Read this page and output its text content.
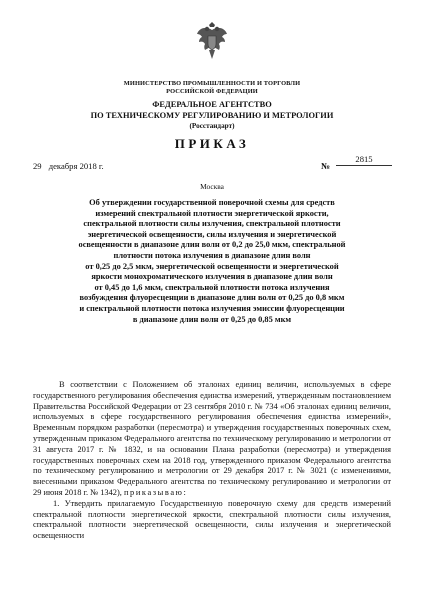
МИНИСТЕРСТВО ПРОМЫШЛЕННОСТИ И ТОРГОВЛИ
РОССИЙСКОЙ ФЕДЕРАЦИИ
ФЕДЕРАЛЬНОЕ АГЕНТСТВО
ПО ТЕХНИЧЕСКОМУ РЕГУЛИРОВАНИЮ И МЕТРОЛОГИИ
(Росстандарт)
ПРИКАЗ
29 декабря 2018 г.	№
2815
Москва
Об утверждении государственной поверочной схемы для средств
измерений спектральной плотности энергетической яркости,
спектральной плотности силы излучения, спектральной плотности
энергетической освещенности, силы излучения и энергетической
освещенности в диапазоне длин волн от 0,2 до 25,0 мкм, спектральной
плотности потока излучения в диапазоне длин волн
от 0,25 до 2,5 мкм, энергетической освещенности и энергетической
яркости монохроматического излучения в диапазоне длин волн
от 0,45 до 1,6 мкм, спектральной плотности потока излучения
возбуждения флуоресценции в диапазоне длин волн от 0,25 до 0,8 мкм
и спектральной плотности потока излучения эмиссии флуоресценции
в диапазоне длин волн от 0,25 до 0,85 мкм

В соответствии с Положением об эталонах единиц величин, используемых в сфере государственного регулирования обеспечения единства измерений, утвержденным постановлением Правительства Российской Федерации от 23 сентября 2010 г. № 734 «Об эталонах единиц величин, используемых в сфере государственного регулирования обеспечения единства измерений», Временным порядком разработки (пересмотра) и утверждения государственных поверочных схем, утвержденным приказом Федерального агентства по техническому регулированию и метрологии от 31 августа 2017 г. № 1832, и на основании Плана разработки (пересмотра) и утверждения государственных поверочных схем на 2018 год, утвержденного приказом Федерального агентства по техническому регулированию и метрологии от 29 декабря 2017 г. № 3021 (с изменениями, внесенными приказом Федерального агентства по техническому регулированию и метрологии от 29 июня 2018 г. № 1342), приказываю:

1. Утвердить прилагаемую Государственную поверочную схему для средств измерений спектральной плотности энергетической яркости, спектральной плотности силы излучения, спектральной плотности энергетической освещенности, силы излучения и энергетической освещенности
